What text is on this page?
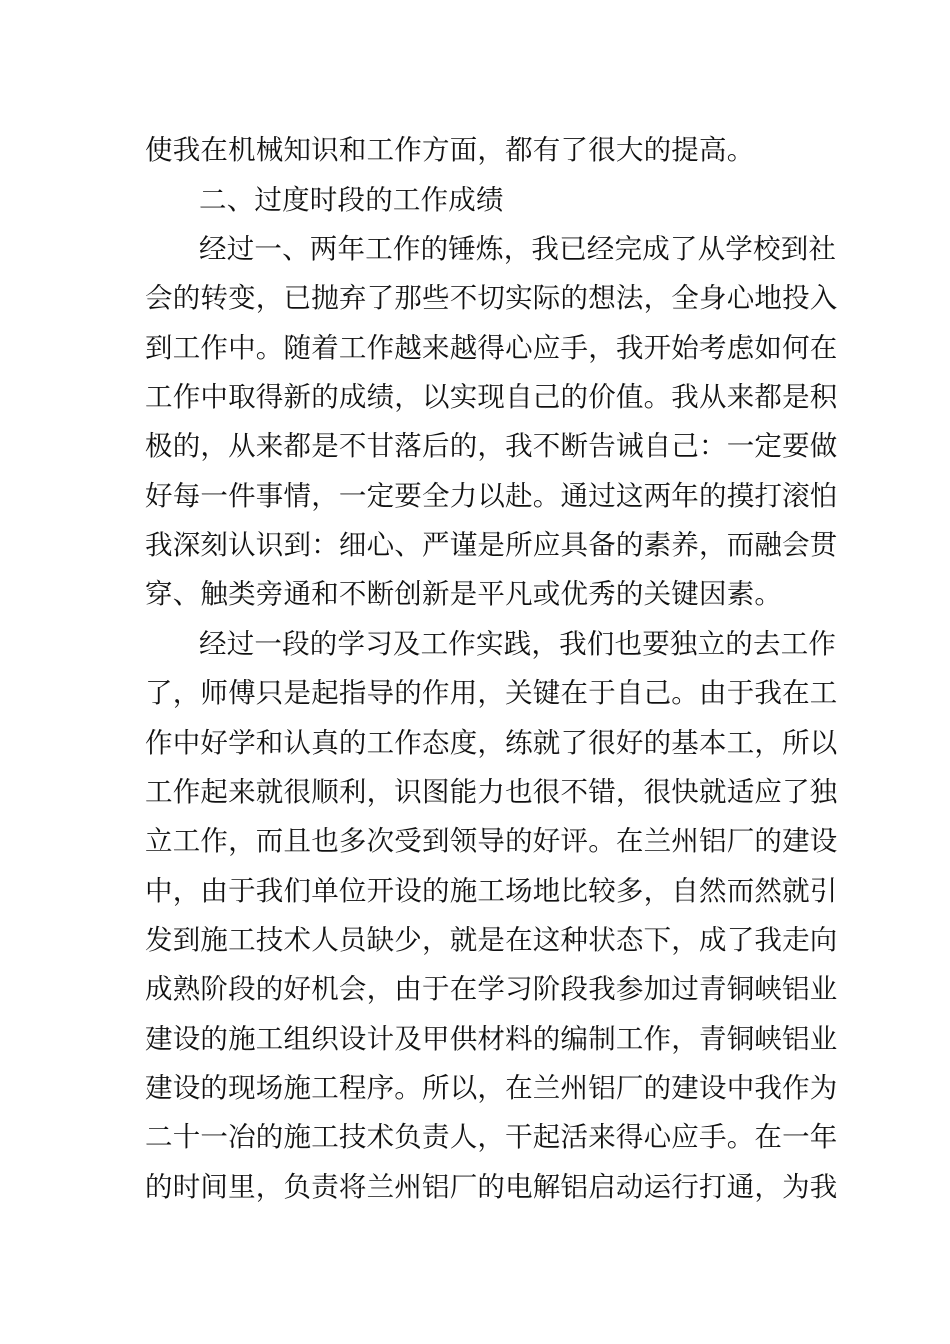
使我在机械知识和工作方面，都有了很大的提高。
二、过度时段的工作成绩
经过一、两年工作的锤炼，我已经完成了从学校到社
会的转变，已抛弃了那些不切实际的想法，全身心地投入
到工作中。随着工作越来越得心应手，我开始考虑如何在
工作中取得新的成绩，以实现自己的价值。我从来都是积
极的，从来都是不甘落后的，我不断告诫自己：一定要做
好每一件事情，一定要全力以赴。通过这两年的摸打滚怕
我深刻认识到：细心、严谨是所应具备的素养，而融会贯
穿、触类旁通和不断创新是平凡或优秀的关键因素。
经过一段的学习及工作实践，我们也要独立的去工作
了，师傅只是起指导的作用，关键在于自己。由于我在工
作中好学和认真的工作态度，练就了很好的基本工，所以
工作起来就很顺利，识图能力也很不错，很快就适应了独
立工作，而且也多次受到领导的好评。在兰州铝厂的建设
中，由于我们单位开设的施工场地比较多，自然而然就引
发到施工技术人员缺少，就是在这种状态下，成了我走向
成熟阶段的好机会，由于在学习阶段我参加过青铜峡铝业
建设的施工组织设计及甲供材料的编制工作，青铜峡铝业
建设的现场施工程序。所以，在兰州铝厂的建设中我作为
二十一冶的施工技术负责人，干起活来得心应手。在一年
的时间里，负责将兰州铝厂的电解铝启动运行打通，为我
